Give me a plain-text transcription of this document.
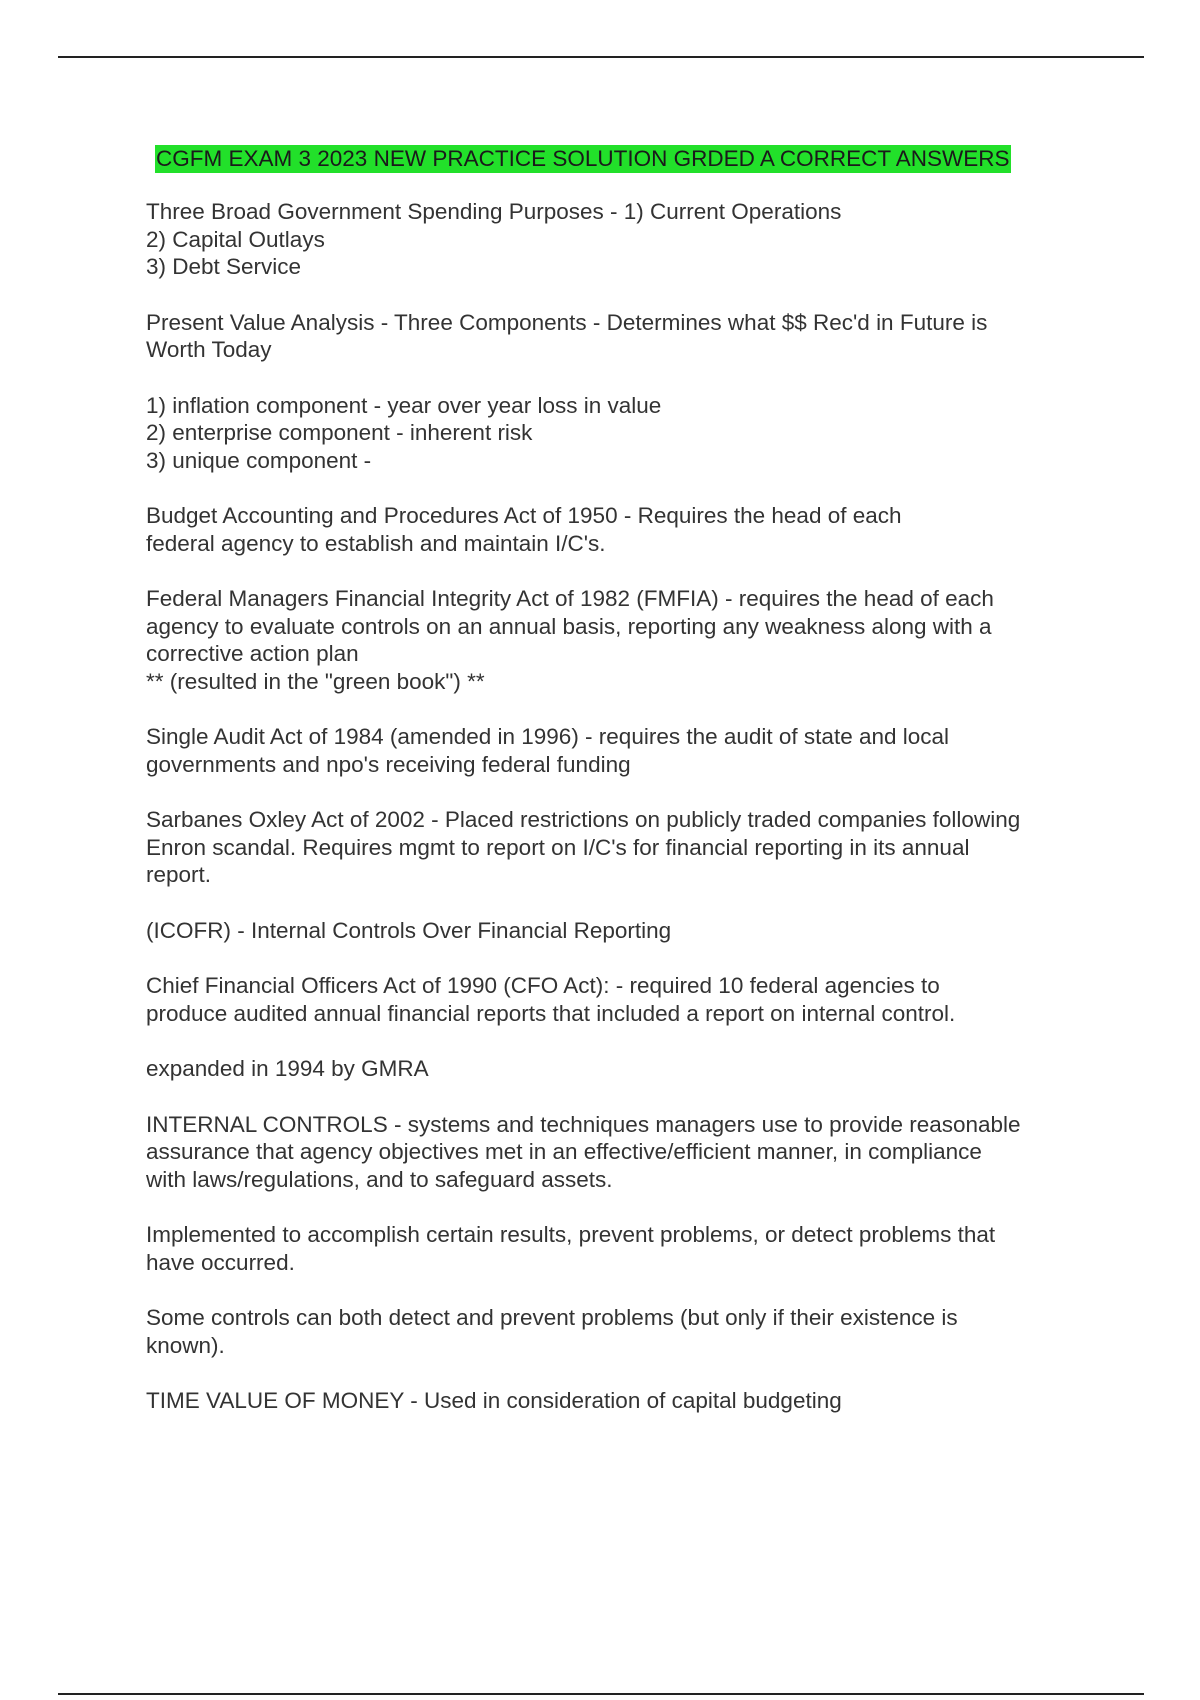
CGFM EXAM 3 2023 NEW PRACTICE SOLUTION GRDED A CORRECT ANSWERS
Three Broad Government Spending Purposes - 1) Current Operations
2) Capital Outlays
3) Debt Service
Present Value Analysis - Three Components - Determines what $$ Rec'd in Future is
Worth Today
1) inflation component - year over year loss in value
2) enterprise component - inherent risk
3) unique component -
Budget Accounting and Procedures Act of 1950 - Requires the head of each
federal agency to establish and maintain I/C's.
Federal Managers Financial Integrity Act of 1982 (FMFIA) - requires the head of each
agency to evaluate controls on an annual basis, reporting any weakness along with a
corrective action plan
** (resulted in the "green book") **
Single Audit Act of 1984 (amended in 1996) - requires the audit of state and local
governments and npo's receiving federal funding
Sarbanes Oxley Act of 2002 - Placed restrictions on publicly traded companies following
Enron scandal. Requires mgmt to report on I/C's for financial reporting in its annual
report.
(ICOFR) - Internal Controls Over Financial Reporting
Chief Financial Officers Act of 1990 (CFO Act): - required 10 federal agencies to
produce audited annual financial reports that included a report on internal control.
expanded in 1994 by GMRA
INTERNAL CONTROLS - systems and techniques managers use to provide reasonable
assurance that agency objectives met in an effective/efficient manner, in compliance
with laws/regulations, and to safeguard assets.
Implemented to accomplish certain results, prevent problems, or detect problems that
have occurred.
Some controls can both detect and prevent problems (but only if their existence is
known).
TIME VALUE OF MONEY - Used in consideration of capital budgeting
